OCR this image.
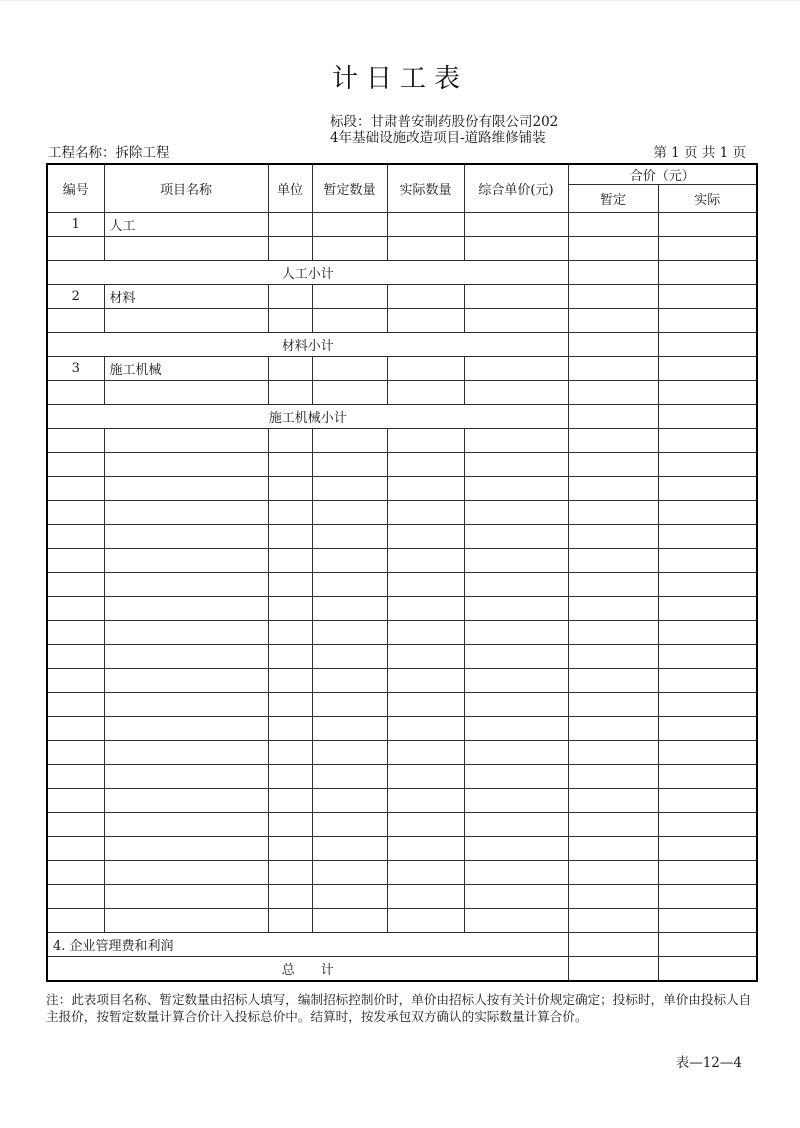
计日工表
标段：甘肃普安制药股份有限公司202
4年基础设施改造项目-道路维修铺装
工程名称：拆除工程	第 1 页 共 1 页
编号	项目名称	单位	暂定数量	实际数量	综合单价(元)	合价（元）	
						暂定	实际
1	人工						

人工小计							
2	材料						

材料小计							
3	施工机械						

施工机械小计							

4. 企业管理费和利润							
总　　计							
注：此表项目名称、暂定数量由招标人填写，编制招标控制价时，单价由招标人按有关计价规定确定；投标时，单价由投标人自主报价，按暂定数量计算合价计入投标总价中。结算时，按发承包双方确认的实际数量计算合价。
表—12—4
